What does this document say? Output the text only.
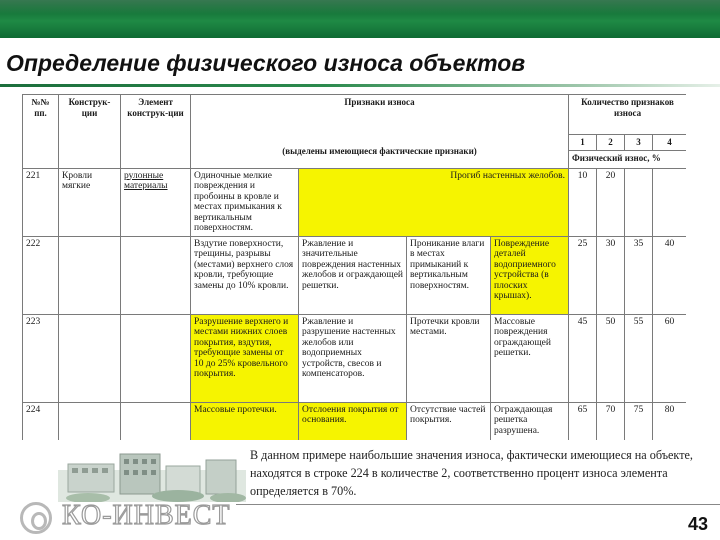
Определение физического износа объектов
№№ пп.	Конструк-ции	Элемент конструк-ции	Признаки износа				Количество признаков износа			
			(выделены имеющиеся фактические признаки)				1	2	3	4
							Физический износ, %			
221	Кровли мягкие	рулонные материалы	Одиночные мелкие повреждения и пробоины в кровле и местах примыкания к вертикальным поверхностям.	Прогиб настенных желобов.			10	20		
222			Вздутие поверхности, трещины, разрывы (местами) верхнего слоя кровли, требующие замены до 10% кровли.	Ржавление и значительные повреждения настенных желобов и ограждающей решетки.	Проникание влаги в местах примыканий к вертикальным поверхностям.	Повреждение деталей водоприемного устройства (в плоских крышах).	25	30	35	40
223			Разрушение верхнего и местами нижних слоев покрытия, вздутия, требующие замены от 10 до 25% кровельного покрытия.	Ржавление и разрушение настенных желобов или водоприемных устройств, свесов и компенсаторов.	Протечки кровли местами.	Массовые повреждения ограждающей решетки.	45	50	55	60
224			Массовые протечки.	Отслоения покрытия от основания.	Отсутствие частей покрытия.	Ограждающая решетка разрушена.	65	70	75	80
В данном примере наибольшие значения износа, фактически имеющиеся на объекте, находятся в строке 224 в количестве 2, соответственно процент износа элемента определяется в 70%.
КО-ИНВЕСТ	43
